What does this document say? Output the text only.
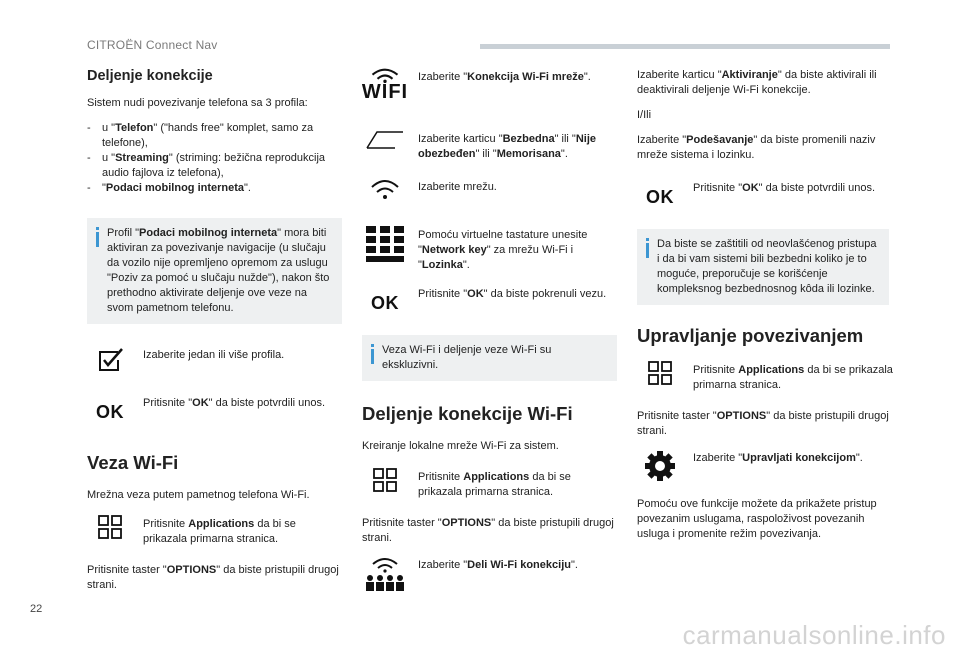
CITROËN Connect Nav
Deljenje konekcije

Sistem nudi povezivanje telefona sa 3 profila:

- u "Telefon" ("hands free" komplet, samo za telefone),
- u "Streaming" (striming: bežična reprodukcija audio fajlova iz telefona),
- "Podaci mobilnog interneta".
Profil "Podaci mobilnog interneta" mora biti aktiviran za povezivanje navigacije (u slučaju da vozilo nije opremljeno opremom za uslugu "Poziv za pomoć u slučaju nužde"), nakon što prethodno aktivirate deljenje ove veze na svom pametnom telefonu.
Izaberite jedan ili više profila.
OK Pritisnite "OK" da biste potvrdili unos.
Veza Wi-Fi

Mrežna veza putem pametnog telefona Wi-Fi.

Pritisnite Applications da bi se prikazala primarna stranica.

Pritisnite taster "OPTIONS" da biste pristupili drugoj strani.

WIFI
Izaberite "Konekcija Wi-Fi mreže".
Izaberite karticu "Bezbedna" ili "Nije obezbeđen" ili "Memorisana".
Izaberite mrežu.
Pomoću virtuelne tastature unesite "Network key" za mrežu Wi-Fi i "Lozinka".
OK Pritisnite "OK" da biste pokrenuli vezu.
Veza Wi-Fi i deljenje veze Wi-Fi su ekskluzivni.
Deljenje konekcije Wi-Fi

Kreiranje lokalne mreže Wi-Fi za sistem.

Pritisnite Applications da bi se prikazala primarna stranica.

Pritisnite taster "OPTIONS" da biste pristupili drugoj strani.

Izaberite "Deli Wi-Fi konekciju".

Izaberite karticu "Aktiviranje" da biste aktivirali ili deaktivirali deljenje Wi-Fi konekcije.

I/Ili

Izaberite "Podešavanje" da biste promenili naziv mreže sistema i lozinku.

OK Pritisnite "OK" da biste potvrdili unos.
Da biste se zaštitili od neovlašćenog pristupa i da bi vam sistemi bili bezbedni koliko je to moguće, preporučuje se korišćenje kompleksnog bezbednosnog kôda ili lozinke.
Upravljanje povezivanjem
Pritisnite Applications da bi se prikazala primarna stranica.

Pritisnite taster "OPTIONS" da biste pristupili drugoj strani.

Izaberite "Upravljati konekcijom".

Pomoću ove funkcije možete da prikažete pristup povezanim uslugama, raspoloživost povezanih usluga i promenite režim povezivanja.

22
carmanualsonline.info
